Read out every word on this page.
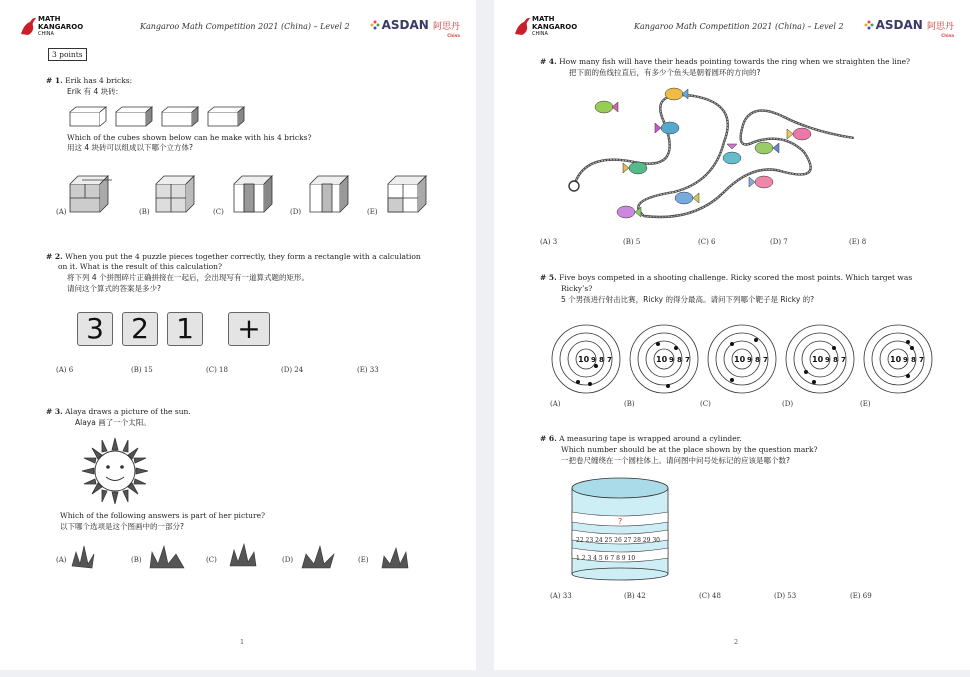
MATH
KANGAROO
CHINA
Kangaroo Math Competition 2021 (China) – Level 2	ASDAN 阿思丹
China
3 points
# 1. Erik has 4 bricks:
Erik 有 4 块砖:
Which of the cubes shown below can he make with his 4 bricks?
用这 4 块砖可以组成以下哪个立方体?
(A)	(B)	(C)	(D)	(E)
# 2. When you put the 4 puzzle pieces together correctly, they form a rectangle with a calculation
on it. What is the result of this calculation?
将下列 4 个拼图碎片正确拼接在一起后，会出现写有一道算式题的矩形。
请问这个算式的答案是多少?
3 2 1	+
(A) 6	(B) 15	(C) 18	(D) 24	(E) 33
# 3. Alaya draws a picture of the sun.
Alaya 画了一个太阳。
Which of the following answers is part of her picture?
以下哪个选项是这个图画中的一部分?
(A)	(B)	(C)	(D)	(E)
1
MATH
KANGAROO
CHINA
Kangaroo Math Competition 2021 (China) – Level 2	ASDAN 阿思丹
China
# 4. How many fish will have their heads pointing towards the ring when we straighten the line?
把下面的鱼线拉直后，有多少个鱼头是朝着圆环的方向的?
(A) 3	(B) 5	(C) 6	(D) 7	(E) 8
# 5. Five boys competed in a shooting challenge. Ricky scored the most points. Which target was
Ricky’s?
5 个男孩进行射击比赛，Ricky 的得分最高。请问下列哪个靶子是 Ricky 的?
10 9 8 7	10 9 8 7	10 9 8 7	10 9 8 7	10 9 8 7
(A)	(B)	(C)	(D)	(E)
# 6. A measuring tape is wrapped around a cylinder.
Which number should be at the place shown by the question mark?
一把卷尺缠绕在一个圆柱体上。请问图中问号处标记的应该是哪个数?
?
22 23 24 25 26 27 28 29 30
1 2 3 4 5 6 7 8 9 10
(A) 33	(B) 42	(C) 48	(D) 53	(E) 69
2
